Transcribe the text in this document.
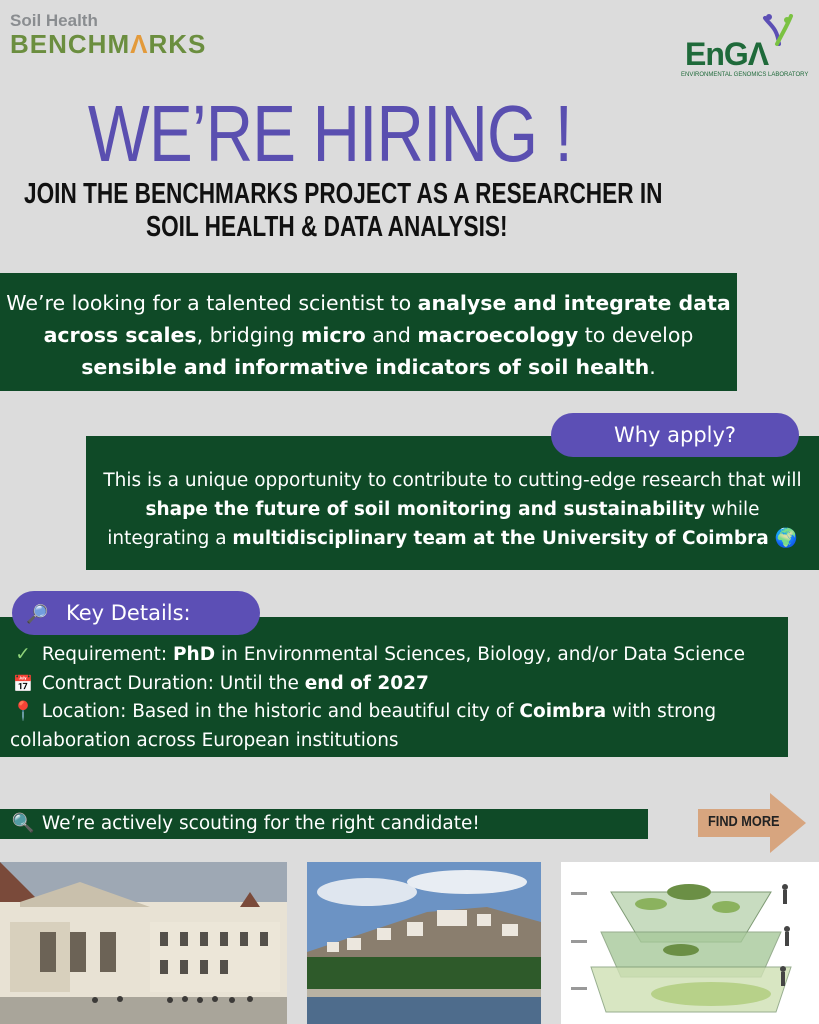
Soil Health
BENCHMΛRKS	EnGΛ
ENVIRONMENTAL GENOMICS LABORATORY
WE’RE HIRING !
JOIN THE BENCHMARKS PROJECT AS A RESEARCHER IN
SOIL HEALTH & DATA ANALYSIS!
We’re looking for a talented scientist to analyse and integrate data across scales, bridging micro and macroecology to develop
sensible and informative indicators of soil health.
This is a unique opportunity to contribute to cutting-edge research that will shape the future of soil monitoring and sustainability while integrating a multidisciplinary team at the University of Coimbra 🌍
Why apply?
✓ Requirement: PhD in Environmental Sciences, Biology, and/or Data Science
📅 Contract Duration: Until the end of 2027
📍 Location: Based in the historic and beautiful city of Coimbra with strong collaboration across European institutions
🔎 Key Details:
🔍 We’re actively scouting for the right candidate!	FIND MORE
